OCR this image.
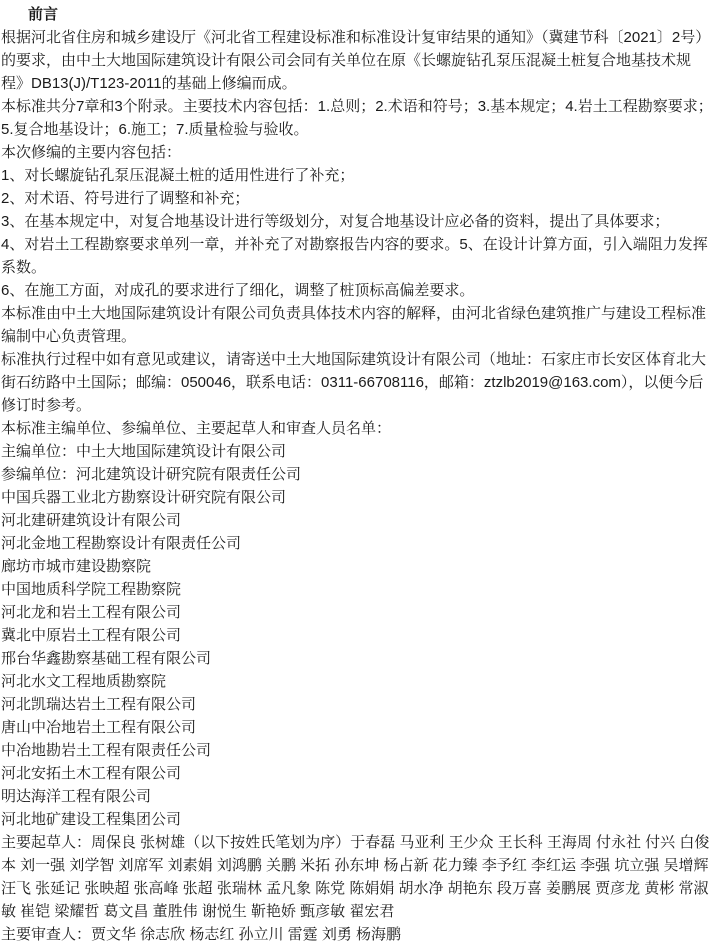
前言

根据河北省住房和城乡建设厅《河北省工程建设标准和标准设计复审结果的通知》（冀建节科〔2021〕2号）的要求，由中土大地国际建筑设计有限公司会同有关单位在原《长螺旋钻孔泵压混凝土桩复合地基技术规程》DB13(J)/T123-2011的基础上修编而成。

本标准共分7章和3个附录。主要技术内容包括：1.总则；2.术语和符号；3.基本规定；4.岩土工程勘察要求；5.复合地基设计；6.施工；7.质量检验与验收。

本次修编的主要内容包括：

1、对长螺旋钻孔泵压混凝土桩的适用性进行了补充；

2、对术语、符号进行了调整和补充；

3、在基本规定中，对复合地基设计进行等级划分，对复合地基设计应必备的资料，提出了具体要求；

4、对岩土工程勘察要求单列一章，并补充了对勘察报告内容的要求。5、在设计计算方面，引入端阻力发挥系数。

6、在施工方面，对成孔的要求进行了细化，调整了桩顶标高偏差要求。

本标准由中土大地国际建筑设计有限公司负责具体技术内容的解释，由河北省绿色建筑推广与建设工程标准编制中心负责管理。

标准执行过程中如有意见或建议，请寄送中土大地国际建筑设计有限公司（地址：石家庄市长安区体育北大街石纺路中土国际；邮编：050046，联系电话：0311-66708116，邮箱：ztzlb2019@163.com），以便今后修订时参考。

本标准主编单位、参编单位、主要起草人和审查人员名单：

主编单位：中土大地国际建筑设计有限公司

参编单位：河北建筑设计研究院有限责任公司

中国兵器工业北方勘察设计研究院有限公司

河北建研建筑设计有限公司

河北金地工程勘察设计有限责任公司

廊坊市城市建设勘察院

中国地质科学院工程勘察院

河北龙和岩土工程有限公司

冀北中原岩土工程有限公司

邢台华鑫勘察基础工程有限公司

河北水文工程地质勘察院

河北凯瑞达岩土工程有限公司

唐山中冶地岩土工程有限公司

中冶地勘岩土工程有限责任公司

河北安拓土木工程有限公司

明达海洋工程有限公司

河北地矿建设工程集团公司

主要起草人：周保良 张树雄（以下按姓氏笔划为序）于春磊 马亚利 王少众 王长科 王海周 付永社 付兴 白俊本 刘一强 刘学智 刘席军 刘素娟 刘鸿鹏 关鹏 米拓 孙东坤 杨占新 花力臻 李予红 李红运 李强 坑立强 吴增辉 汪飞 张延记 张映超 张高峰 张超 张瑞林 孟凡象 陈党 陈娟娟 胡水净 胡艳东 段万喜 姜鹏展 贾彦龙 黄彬 常淑敏 崔铠 梁耀哲 葛文昌 董胜伟 谢悦生 靳艳娇 甄彦敏 翟宏君

主要审查人：贾文华 徐志欣 杨志红 孙立川 雷霆 刘勇 杨海鹏
